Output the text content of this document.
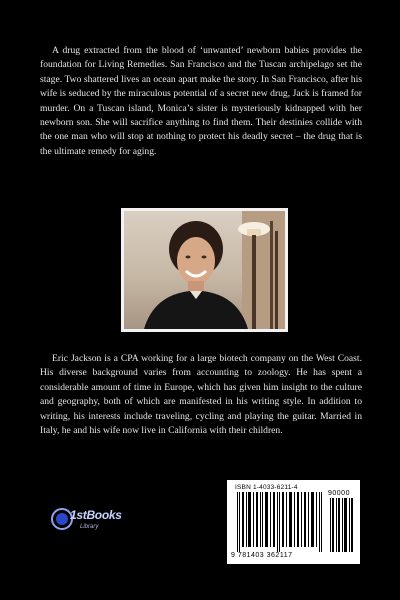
A drug extracted from the blood of ‘unwanted’ newborn babies provides the foundation for Living Remedies. San Francisco and the Tuscan archipelago set the stage. Two shattered lives an ocean apart make the story. In San Francisco, after his wife is seduced by the miraculous potential of a secret new drug, Jack is framed for murder. On a Tuscan island, Monica’s sister is mysteriously kidnapped with her newborn son. She will sacrifice anything to find them. Their destinies collide with the one man who will stop at nothing to protect his deadly secret – the drug that is the ultimate remedy for aging.

Eric Jackson is a CPA working for a large biotech company on the West Coast. His diverse background varies from accounting to zoology. He has spent a considerable amount of time in Europe, which has given him insight to the culture and geography, both of which are manifested in his writing style. In addition to writing, his interests include traveling, cycling and playing the guitar. Married in Italy, he and his wife now live in California with their children.

1stBooks
Library
ISBN 1-4033-6211-4
90000
9 781403 362117
